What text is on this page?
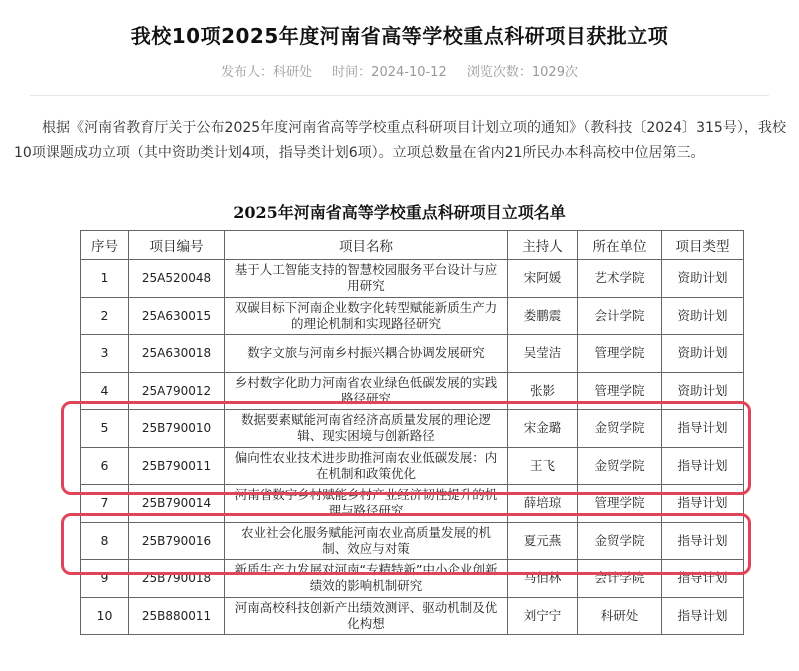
我校10项2025年度河南省高等学校重点科研项目获批立项
发布人：科研处 时间：2024-10-12 浏览次数：1029次

根据《河南省教育厅关于公布2025年度河南省高等学校重点科研项目计划立项的通知》（教科技〔2024〕315号），我校10项课题成功立项（其中资助类计划4项，指导类计划6项）。立项总数量在省内21所民办本科高校中位居第三。

2025年河南省高等学校重点科研项目立项名单
序号	项目编号	项目名称	主持人	所在单位	项目类型
1	25A520048	基于人工智能支持的智慧校园服务平台设计与应用研究	宋阿媛	艺术学院	资助计划
2	25A630015	双碳目标下河南企业数字化转型赋能新质生产力的理论机制和实现路径研究	娄鹏震	会计学院	资助计划
3	25A630018	数字文旅与河南乡村振兴耦合协调发展研究	吴莹洁	管理学院	资助计划
4	25A790012	乡村数字化助力河南省农业绿色低碳发展的实践路径研究	张影	管理学院	资助计划
5	25B790010	数据要素赋能河南省经济高质量发展的理论逻辑、现实困境与创新路径	宋金璐	金贸学院	指导计划
6	25B790011	偏向性农业技术进步助推河南农业低碳发展：内在机制和政策优化	王飞	金贸学院	指导计划
7	25B790014	河南省数字乡村赋能乡村产业经济韧性提升的机理与路径研究	薛培琼	管理学院	指导计划
8	25B790016	农业社会化服务赋能河南农业高质量发展的机制、效应与对策	夏元燕	金贸学院	指导计划
9	25B790018	新质生产力发展对河南“专精特新”中小企业创新绩效的影响机制研究	马佰林	会计学院	指导计划
10	25B880011	河南高校科技创新产出绩效测评、驱动机制及优化构想	刘宁宁	科研处	指导计划
